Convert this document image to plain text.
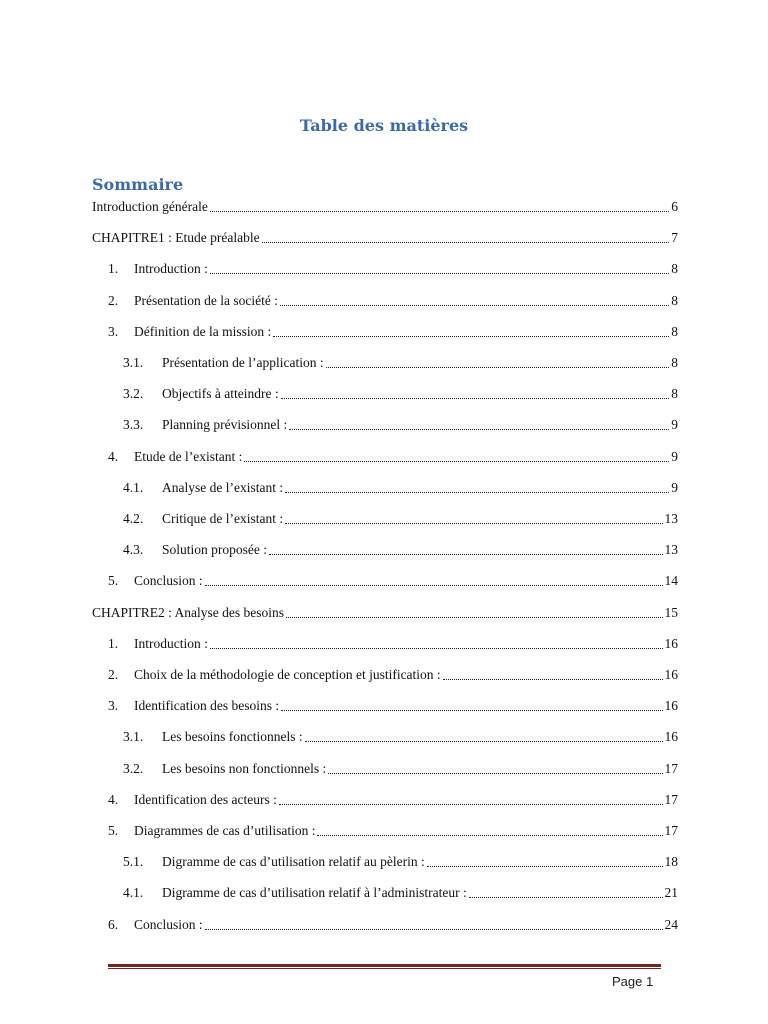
Table des matières
Sommaire
Introduction générale	6
CHAPITRE1 : Etude préalable	7
1.	Introduction :	8
2.	Présentation de la société :	8
3.	Définition de la mission :	8
3.1.	Présentation de l’application :	8
3.2.	Objectifs à atteindre :	8
3.3.	Planning prévisionnel :	9
4.	Etude de l’existant :	9
4.1.	Analyse de l’existant :	9
4.2.	Critique de l’existant :	13
4.3.	Solution proposée :	13
5.	Conclusion :	14
CHAPITRE2 : Analyse des besoins	15
1.	Introduction :	16
2.	Choix de la méthodologie de conception et justification :	16
3.	Identification des besoins :	16
3.1.	Les besoins fonctionnels :	16
3.2.	Les besoins non fonctionnels :	17
4.	Identification des acteurs :	17
5.	Diagrammes de cas d’utilisation :	17
5.1.	Digramme de cas d’utilisation relatif au pèlerin :	18
4.1.	Digramme de cas d’utilisation relatif à l’administrateur :	21
6.	Conclusion :	24
Page 1
